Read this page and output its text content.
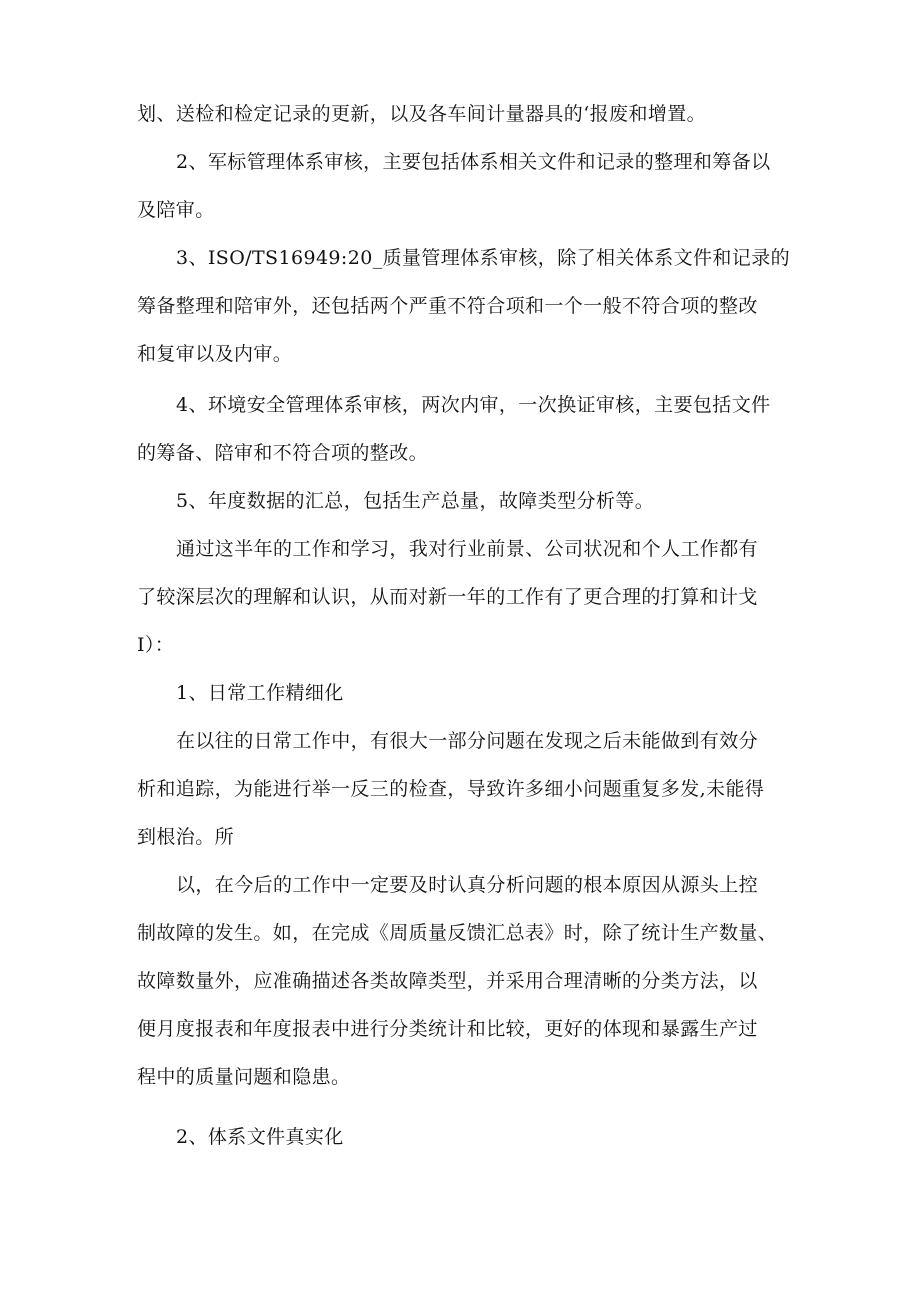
划、送检和检定记录的更新，以及各车间计量器具的‘报废和增置。
2、军标管理体系审核，主要包括体系相关文件和记录的整理和筹备以
及陪审。
3、ISO/TS16949:20_质量管理体系审核，除了相关体系文件和记录的
筹备整理和陪审外，还包括两个严重不符合项和一个一般不符合项的整改
和复审以及内审。
4、环境安全管理体系审核，两次内审，一次换证审核，主要包括文件
的筹备、陪审和不符合项的整改。
5、年度数据的汇总，包括生产总量，故障类型分析等。
通过这半年的工作和学习，我对行业前景、公司状况和个人工作都有
了较深层次的理解和认识，从而对新一年的工作有了更合理的打算和计戈
I）：
1、日常工作精细化
在以往的日常工作中，有很大一部分问题在发现之后未能做到有效分
析和追踪，为能进行举一反三的检查，导致许多细小问题重复多发,未能得
到根治。所
以，在今后的工作中一定要及时认真分析问题的根本原因从源头上控
制故障的发生。如，在完成《周质量反馈汇总表》时，除了统计生产数量、
故障数量外，应准确描述各类故障类型，并采用合理清晰的分类方法，以
便月度报表和年度报表中进行分类统计和比较，更好的体现和暴露生产过
程中的质量问题和隐患。
2、体系文件真实化
